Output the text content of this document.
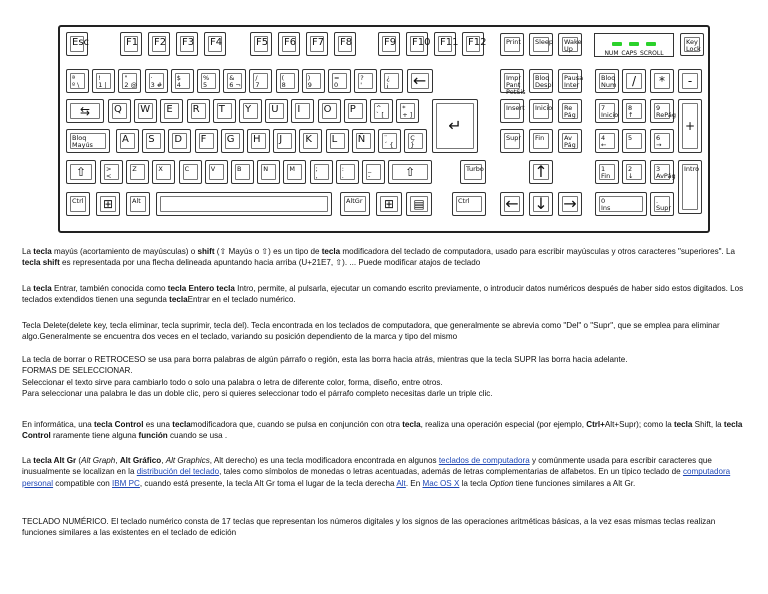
Esc	F1 F2 F3 F4	F5 F6 F7 F8	F9 F10 F11 F12	Print Sleep Wake
Up
NUM CAPS SCROLL
Key
Lock
ª
º \
!
1 |
"
2 @
·
3 #
$
4
%
5
&
6 ¬
/
7
(
8
)
9
=
0
?
'
¿
¡	←	Impr
Pant
PetSis
Bloq
Despl
Pausa
Inter
Bloq
Num	/	*	-
⇆	Q W E R T Y U I O P	^
` [
*
+ ]
Insert Inicio Re
Pág
7
Inicio
8
↑
9
RePág
+
Bloq
Mayús	A S D F G H J K L Ñ	¨
´ {
Ç
}
↵
Supr Fin	Av
Pág
4
←
5	6
→
⇧	>
<
Z	X	C	V	B	N	M	;
,
:
.
_
-	⇧	Turbo	↑	1
Fin
2
↓
3
AvPág
Intro
Ctrl	⊞	Alt	AltGr	⊞	▤	Ctrl ← ↓ →	0
Ins
.
Supr

La tecla mayús (acortamiento de mayúsculas) o shift (⇧ Mayús o ⇧) es un tipo de tecla modificadora del teclado de computadora, usado para escribir mayúsculas y otros caracteres "superiores". La tecla shift es representada por una flecha delineada apuntando hacia arriba (U+21E7, ⇧). ... Puede modificar atajos de teclado

La tecla Entrar, también conocida como tecla Entero tecla Intro, permite, al pulsarla, ejecutar un comando escrito previamente, o introducir datos numéricos después de haber sido estos digitados. Los teclados extendidos tienen una segunda teclaEntrar en el teclado numérico.

Tecla Delete(delete key, tecla eliminar, tecla suprimir, tecla del). Tecla encontrada en los teclados de computadora, que generalmente se abrevia como "Del" o "Supr", que se emplea para eliminar algo.Generalmente se encuentra dos veces en el teclado, variando su posición dependiento de la marca y tipo del mismo

La tecla de borrar o RETROCESO se usa para borra palabras de algún párrafo o región, esta las borra hacia atrás, mientras que la tecla SUPR las borra hacia adelante.
FORMAS DE SELECCIONAR.
Seleccionar el texto sirve para cambiarlo todo o solo una palabra o letra de diferente color, forma, diseño, entre otros.
Para seleccionar una palabra le das un doble clic, pero si quieres seleccionar todo el párrafo completo necesitas darle un triple clic.

En informática, una tecla Control es una teclamodificadora que, cuando se pulsa en conjunción con otra tecla, realiza una operación especial (por ejemplo, Ctrl+Alt+Supr); como la tecla Shift, la tecla Control raramente tiene alguna función cuando se usa .

La tecla Alt Gr (Alt Graph, Alt Gráfico, Alt Graphics, Alt derecho) es una tecla modificadora encontrada en algunos teclados de computadora y comúnmente usada para escribir caracteres que inusualmente se localizan en la distribución del teclado, tales como símbolos de monedas o letras acentuadas, además de letras complementarias de alfabetos. En un típico teclado de computadora personal compatible con IBM PC, cuando está presente, la tecla Alt Gr toma el lugar de la tecla derecha Alt. En Mac OS X la tecla Option tiene funciones similares a Alt Gr.

TECLADO NUMÉRICO. El teclado numérico consta de 17 teclas que representan los números digitales y los signos de las operaciones aritméticas básicas, a la vez esas mismas teclas realizan funciones similares a las existentes en el teclado de edición
